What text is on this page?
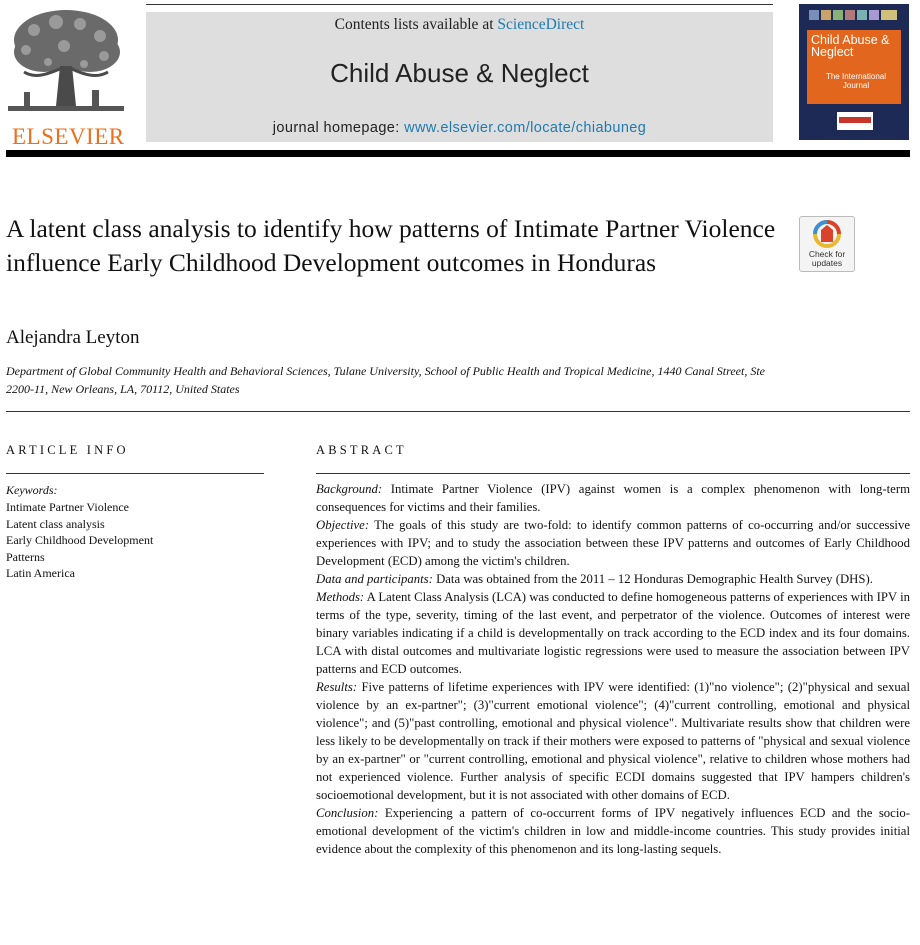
ELSEVIER
Contents lists available at ScienceDirect
Child Abuse & Neglect
journal homepage: www.elsevier.com/locate/chiabuneg
Child Abuse & Neglect
The International Journal
A latent class analysis to identify how patterns of Intimate Partner Violence influence Early Childhood Development outcomes in Honduras	Check for
updates
Alejandra Leyton
Department of Global Community Health and Behavioral Sciences, Tulane University, School of Public Health and Tropical Medicine, 1440 Canal Street, Ste 2200-11, New Orleans, LA, 70112, United States
ARTICLE INFO
Keywords:
Intimate Partner Violence
Latent class analysis
Early Childhood Development
Patterns
Latin America
ABSTRACT

Background: Intimate Partner Violence (IPV) against women is a complex phenomenon with long-term consequences for victims and their families.

Objective: The goals of this study are two-fold: to identify common patterns of co-occurring and/or successive experiences with IPV; and to study the association between these IPV patterns and outcomes of Early Childhood Development (ECD) among the victim's children.

Data and participants: Data was obtained from the 2011 – 12 Honduras Demographic Health Survey (DHS).

Methods: A Latent Class Analysis (LCA) was conducted to define homogeneous patterns of experiences with IPV in terms of the type, severity, timing of the last event, and perpetrator of the violence. Outcomes of interest were binary variables indicating if a child is developmentally on track according to the ECD index and its four domains. LCA with distal outcomes and multivariate logistic regressions were used to measure the association between IPV patterns and ECD outcomes.

Results: Five patterns of lifetime experiences with IPV were identified: (1)"no violence"; (2)"physical and sexual violence by an ex-partner"; (3)"current emotional violence"; (4)"current controlling, emotional and physical violence"; and (5)"past controlling, emotional and physical violence". Multivariate results show that children were less likely to be developmentally on track if their mothers were exposed to patterns of "physical and sexual violence by an ex-partner" or "current controlling, emotional and physical violence", relative to children whose mothers had not experienced violence. Further analysis of specific ECDI domains suggested that IPV hampers children's socioemotional development, but it is not associated with other domains of ECD.

Conclusion: Experiencing a pattern of co-occurrent forms of IPV negatively influences ECD and the socio-emotional development of the victim's children in low and middle-income countries. This study provides initial evidence about the complexity of this phenomenon and its long-lasting sequels.
